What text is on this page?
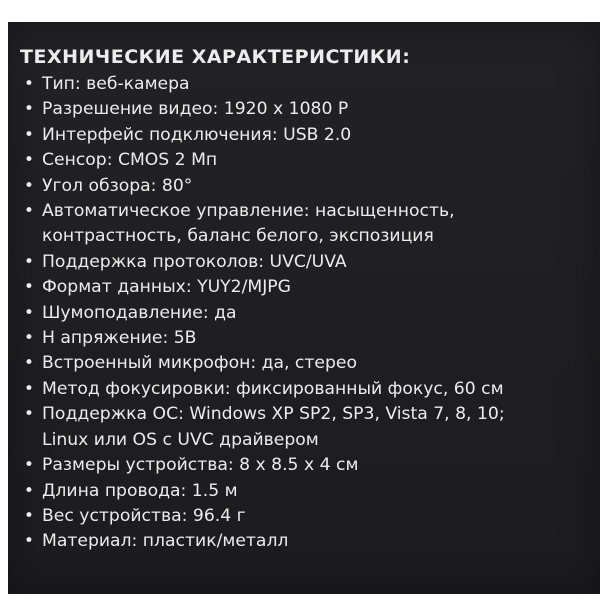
ТЕХНИЧЕСКИЕ ХАРАКТЕРИСТИКИ:
• Тип: веб-камера
• Разрешение видео: 1920 x 1080 P
• Интерфейс подключения: USB 2.0
• Сенсор: CMOS 2 Мп
• Угол обзора: 80°
• Автоматическое управление: насыщенность,
контрастность, баланс белого, экспозиция
• Поддержка протоколов: UVC/UVA
• Формат данных: YUY2/MJPG
• Шумоподавление: да
• Н апряжение: 5В
• Встроенный микрофон: да, стерео
• Метод фокусировки: фиксированный фокус, 60 см
• Поддержка ОС: Windows XP SP2, SP3, Vista 7, 8, 10;
Linux или OS с UVC драйвером
• Размеры устройства: 8 x 8.5 x 4 см
• Длина провода: 1.5 м
• Вес устройства: 96.4 г
• Материал: пластик/металл
